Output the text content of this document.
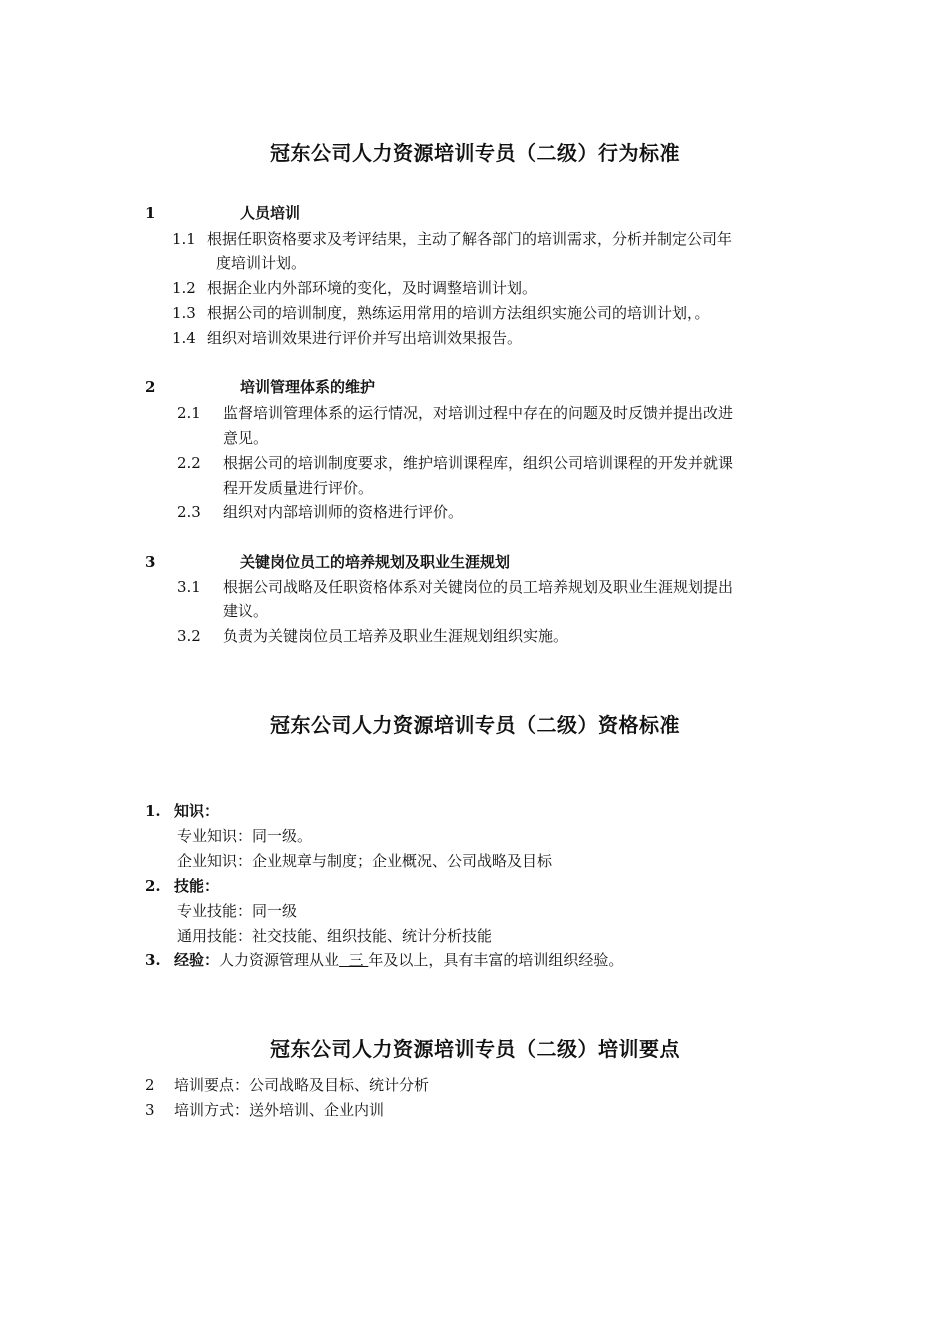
冠东公司人力资源培训专员（二级）行为标准
1	人员培训
1.1 根据任职资格要求及考评结果，主动了解各部门的培训需求，分析并制定公司年
度培训计划。
1.2 根据企业内外部环境的变化，及时调整培训计划。
1.3 根据公司的培训制度，熟练运用常用的培训方法组织实施公司的培训计划，。
1.4 组织对培训效果进行评价并写出培训效果报告。
2	培训管理体系的维护
2.1 监督培训管理体系的运行情况，对培训过程中存在的问题及时反馈并提出改进
意见。
2.2 根据公司的培训制度要求，维护培训课程库，组织公司培训课程的开发并就课
程开发质量进行评价。
2.3 组织对内部培训师的资格进行评价。
3	关键岗位员工的培养规划及职业生涯规划
3.1 根据公司战略及任职资格体系对关键岗位的员工培养规划及职业生涯规划提出
建议。
3.2 负责为关键岗位员工培养及职业生涯规划组织实施。
冠东公司人力资源培训专员（二级）资格标准
1. 知识：
专业知识：同一级。
企业知识：企业规章与制度；企业概况、公司战略及目标
2. 技能：
专业技能：同一级
通用技能：社交技能、组织技能、统计分析技能
3. 经验：人力资源管理从业  三 年及以上，具有丰富的培训组织经验。
冠东公司人力资源培训专员（二级）培训要点
2 培训要点：公司战略及目标、统计分析
3 培训方式：送外培训、企业内训
